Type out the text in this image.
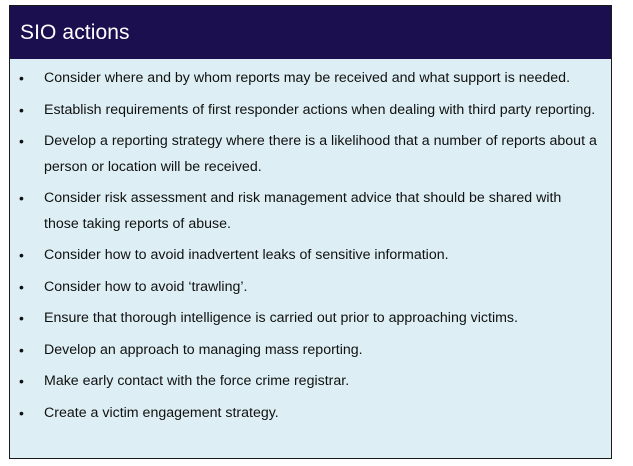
SIO actions
• Consider where and by whom reports may be received and what support is needed.
• Establish requirements of first responder actions when dealing with third party reporting.
• Develop a reporting strategy where there is a likelihood that a number of reports about a person or location will be received.
• Consider risk assessment and risk management advice that should be shared with those taking reports of abuse.
• Consider how to avoid inadvertent leaks of sensitive information.
• Consider how to avoid ‘trawling’.
• Ensure that thorough intelligence is carried out prior to approaching victims.
• Develop an approach to managing mass reporting.
• Make early contact with the force crime registrar.
• Create a victim engagement strategy.
